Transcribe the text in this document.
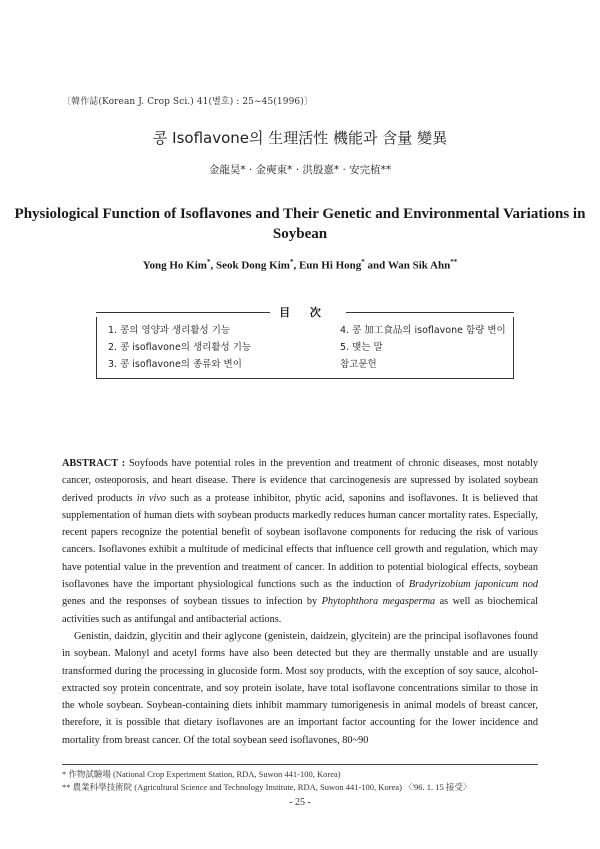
〔韓作誌(Korean J. Crop Sci.) 41(별호) : 25~45(1996)〕
콩 Isoflavone의 生理活性 機能과 含量 變異
金龍昊* · 金奭東* · 洪殷憙* · 安完植**
Physiological Function of Isoflavones and Their Genetic and Environmental Variations in Soybean
Yong Ho Kim*, Seok Dong Kim*, Eun Hi Hong* and Wan Sik Ahn**
目 次
1. 콩의 영양과 생리활성 기능
2. 콩 isoflavone의 생리활성 기능
3. 콩 isoflavone의 종류와 변이
4. 콩 加工食品의 isoflavone 함량 변이
5. 맺는 말
참고문헌

ABSTRACT : Soyfoods have potential roles in the prevention and treatment of chronic diseases, most notably cancer, osteoporosis, and heart disease. There is evidence that carcinogenesis are supressed by isolated soybean derived products in vivo such as a protease inhibitor, phytic acid, saponins and isoflavones. It is believed that supplementation of human diets with soybean products markedly reduces human cancer mortality rates. Especially, recent papers recognize the potential benefit of soybean isoflavone components for reducing the risk of various cancers. Isoflavones exhibit a multitude of medicinal effects that influence cell growth and regulation, which may have potential value in the prevention and treatment of cancer. In addition to potential biological effects, soybean isoflavones have the important physiological functions such as the induction of Bradyrizobium japonicum nod genes and the responses of soybean tissues to infection by Phytophthora megasperma as well as biochemical activities such as antifungal and antibacterial actions.

Genistin, daidzin, glycitin and their aglycone (genistein, daidzein, glycitein) are the principal isoflavones found in soybean. Malonyl and acetyl forms have also been detected but they are thermally unstable and are usually transformed during the processing in glucoside form. Most soy products, with the exception of soy sauce, alcohol-extracted soy protein concentrate, and soy protein isolate, have total isoflavone concentrations similar to those in the whole soybean. Soybean-containing diets inhibit mammary tumorigenesis in animal models of breast cancer, therefore, it is possible that dietary isoflavones are an important factor accounting for the lower incidence and mortality from breast cancer. Of the total soybean seed isoflavones, 80~90

* 作物試驗場 (National Crop Experiment Station, RDA, Suwon 441-100, Korea)
** 農業科學技術院 (Agricultural Science and Technology Institute, RDA, Suwon 441-100, Korea) 〈'96. 1. 15 接受〉
- 25 -
